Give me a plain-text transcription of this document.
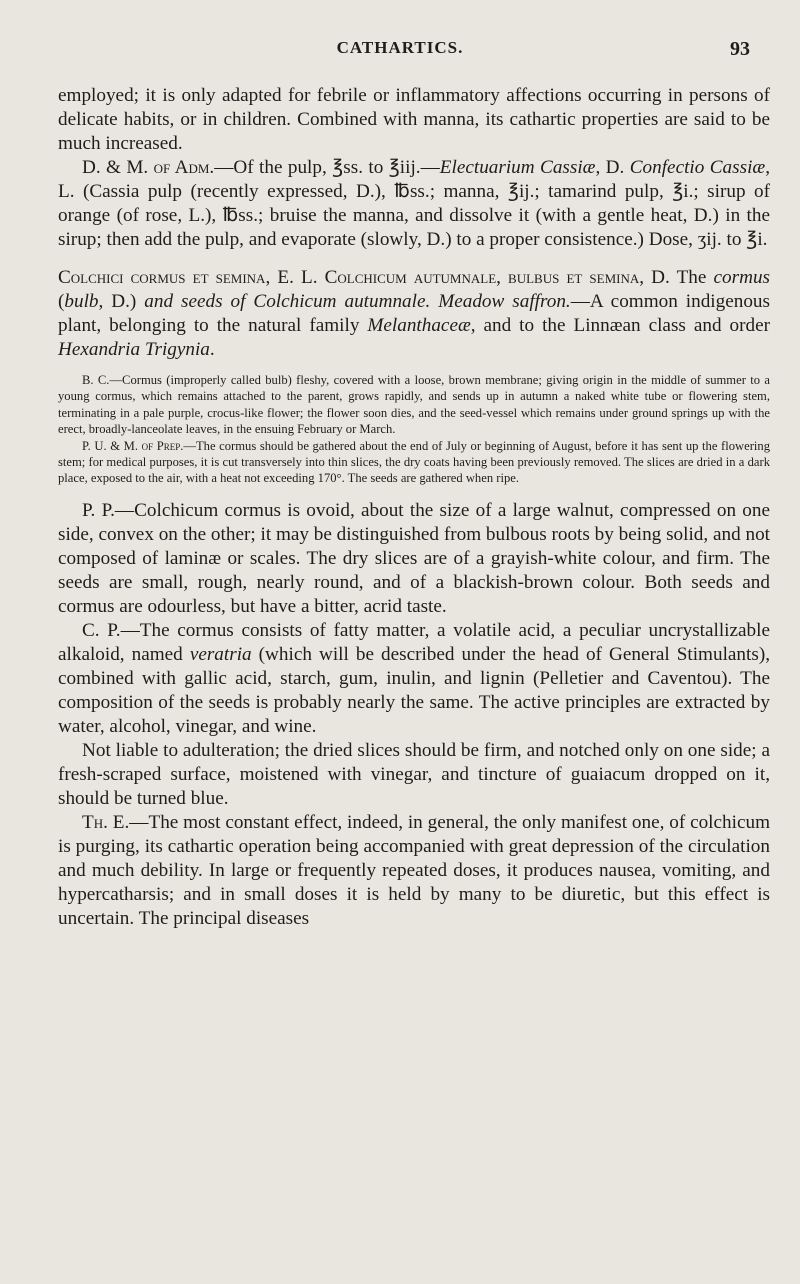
CATHARTICS.	93

employed; it is only adapted for febrile or inflammatory affections occurring in persons of delicate habits, or in children. Combined with manna, its cathartic properties are said to be much increased.

D. & M. of Adm.—Of the pulp, ℥ss. to ℥iij.—Electuarium Cassiæ, D. Confectio Cassiæ, L. (Cassia pulp (recently expressed, D.), ℔ss.; manna, ℥ij.; tamarind pulp, ℥i.; sirup of orange (of rose, L.), ℔ss.; bruise the manna, and dissolve it (with a gentle heat, D.) in the sirup; then add the pulp, and evaporate (slowly, D.) to a proper consistence.) Dose, ʒij. to ℥i.

Colchici cormus et semina, E. L. Colchicum autumnale, bulbus et semina, D. The cormus (bulb, D.) and seeds of Colchicum autumnale. Meadow saffron.—A common indigenous plant, belonging to the natural family Melanthaceæ, and to the Linnæan class and order Hexandria Trigynia.

B. C.—Cormus (improperly called bulb) fleshy, covered with a loose, brown membrane; giving origin in the middle of summer to a young cormus, which remains attached to the parent, grows rapidly, and sends up in autumn a naked white tube or flowering stem, terminating in a pale purple, crocus-like flower; the flower soon dies, and the seed-vessel which remains under ground springs up with the erect, broadly-lanceolate leaves, in the ensuing February or March.

P. U. & M. of Prep.—The cormus should be gathered about the end of July or beginning of August, before it has sent up the flowering stem; for medical purposes, it is cut transversely into thin slices, the dry coats having been previously removed. The slices are dried in a dark place, exposed to the air, with a heat not exceeding 170°. The seeds are gathered when ripe.

P. P.—Colchicum cormus is ovoid, about the size of a large walnut, compressed on one side, convex on the other; it may be distinguished from bulbous roots by being solid, and not composed of laminæ or scales. The dry slices are of a grayish-white colour, and firm. The seeds are small, rough, nearly round, and of a blackish-brown colour. Both seeds and cormus are odourless, but have a bitter, acrid taste.

C. P.—The cormus consists of fatty matter, a volatile acid, a peculiar uncrystallizable alkaloid, named veratria (which will be described under the head of General Stimulants), combined with gallic acid, starch, gum, inulin, and lignin (Pelletier and Caventou). The composition of the seeds is probably nearly the same. The active principles are extracted by water, alcohol, vinegar, and wine.

Not liable to adulteration; the dried slices should be firm, and notched only on one side; a fresh-scraped surface, moistened with vinegar, and tincture of guaiacum dropped on it, should be turned blue.

Th. E.—The most constant effect, indeed, in general, the only manifest one, of colchicum is purging, its cathartic operation being accompanied with great depression of the circulation and much debility. In large or frequently repeated doses, it produces nausea, vomiting, and hypercatharsis; and in small doses it is held by many to be diuretic, but this effect is uncertain. The principal diseases
